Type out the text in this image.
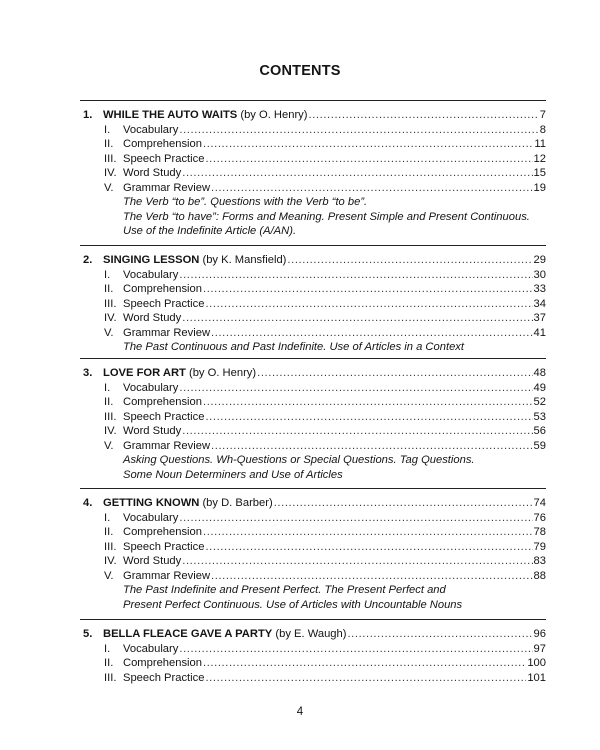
CONTENTS
1. WHILE THE AUTO WAITS (by O. Henry) .....	7
I. Vocabulary .....	8
II. Comprehension .....	11
III. Speech Practice .....	12
IV. Word Study .....	15
V. Grammar Review .....	19
The Verb “to be”. Questions with the Verb “to be”.
The Verb “to have”: Forms and Meaning. Present Simple and Present Continuous.
Use of the Indefinite Article (A/AN).
2. SINGING LESSON (by K. Mansfield) .....	29
I. Vocabulary .....	30
II. Comprehension .....	33
III. Speech Practice .....	34
IV. Word Study .....	37
V. Grammar Review .....	41
The Past Continuous and Past Indefinite. Use of Articles in a Context
3. LOVE FOR ART (by O. Henry) .....	48
I. Vocabulary .....	49
II. Comprehension .....	52
III. Speech Practice .....	53
IV. Word Study .....	56
V. Grammar Review .....	59
Asking Questions. Wh-Questions or Special Questions. Tag Questions.
Some Noun Determiners and Use of Articles
4. GETTING KNOWN (by D. Barber) .....	74
I. Vocabulary .....	76
II. Comprehension .....	78
III. Speech Practice .....	79
IV. Word Study .....	83
V. Grammar Review .....	88
The Past Indefinite and Present Perfect. The Present Perfect and
Present Perfect Continuous. Use of Articles with Uncountable Nouns
5. BELLA FLEACE GAVE A PARTY (by E. Waugh) .....	96
I. Vocabulary .....	97
II. Comprehension .....	100
III. Speech Practice .....	101
4
